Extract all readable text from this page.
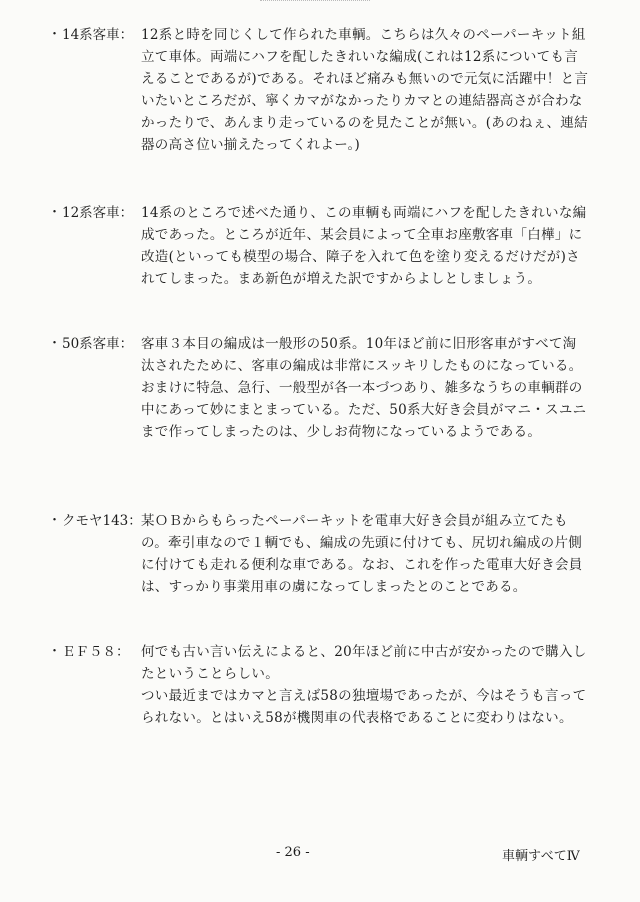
・ 14系客車： 12系と時を同じくして作られた車輌。こちらは久々のペーパーキット組立て車体。両端にハフを配したきれいな編成(これは12系についても言えることであるが)である。それほど痛みも無いので元気に活躍中！と言いたいところだが、寧くカマがなかったりカマとの連結器高さが合わなかったりで、あんまり走っているのを見たことが無い。(あのねぇ、連結器の高さ位い揃えたってくれよー。)

・ 12系客車： 14系のところで述べた通り、この車輌も両端にハフを配したきれいな編成であった。ところが近年、某会員によって全車お座敷客車「白樺」に改造(といっても模型の場合、障子を入れて色を塗り変えるだけだが)されてしまった。まあ新色が増えた訳ですからよしとしましょう。

・ 50系客車： 客車３本目の編成は一般形の50系。10年ほど前に旧形客車がすべて淘汰されたために、客車の編成は非常にスッキリしたものになっている。

おまけに特急、急行、一般型が各一本づつあり、雑多なうちの車輌群の中にあって妙にまとまっている。ただ、50系大好き会員がマニ・スユニまで作ってしまったのは、少しお荷物になっているようである。

・ クモヤ143： 某ＯＢからもらったペーパーキットを電車大好き会員が組み立てたもの。牽引車なので１輌でも、編成の先頭に付けても、尻切れ編成の片側に付けても走れる便利な車である。なお、これを作った電車大好き会員は、すっかり事業用車の虜になってしまったとのことである。

・ ＥＦ５８： 何でも古い言い伝えによると、20年ほど前に中古が安かったので購入したということらしい。

つい最近まではカマと言えば58の独壇場であったが、今はそうも言ってられない。とはいえ58が機関車の代表格であることに変わりはない。

- 26 -	車輌すべてⅣ
